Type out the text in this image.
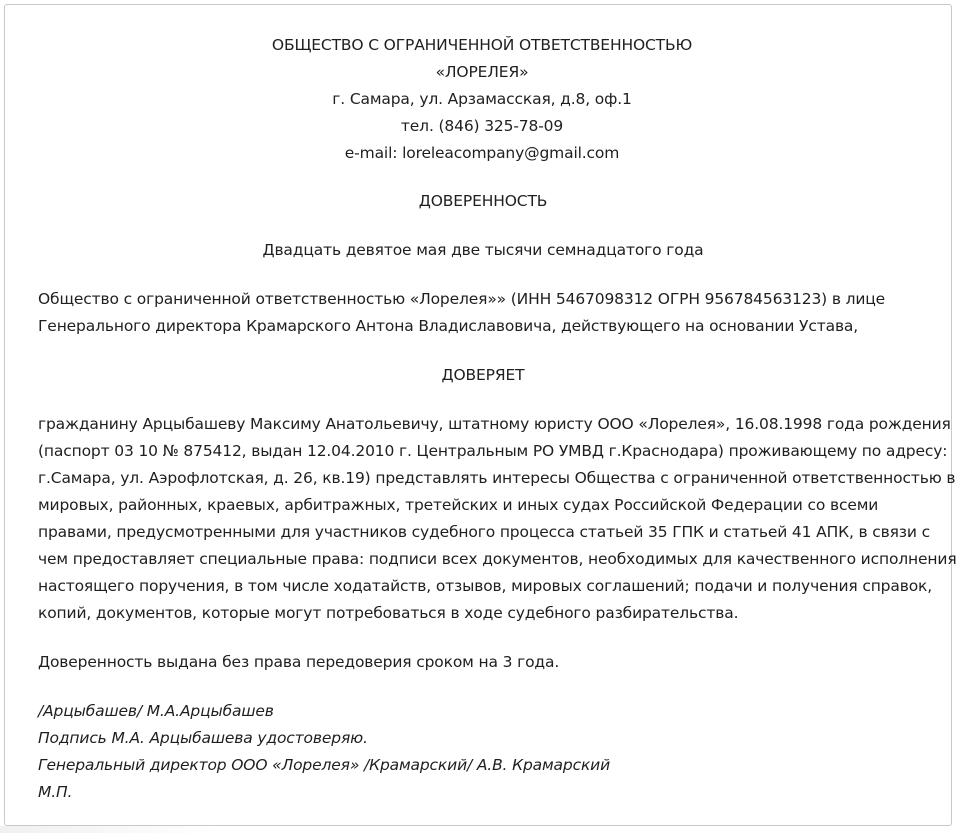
ОБЩЕСТВО С ОГРАНИЧЕННОЙ ОТВЕТСТВЕННОСТЬЮ
«ЛОРЕЛЕЯ»
г. Самара, ул. Арзамасская, д.8, оф.1
тел. (846) 325-78-09
e-mail: loreleacompany@gmail.com
ДОВЕРЕННОСТЬ
Двадцать девятое мая две тысячи семнадцатого года
Общество с ограниченной ответственностью «Лорелея»» (ИНН 5467098312 ОГРН 956784563123) в лице
Генерального директора Крамарского Антона Владиславовича, действующего на основании Устава,
ДОВЕРЯЕТ
гражданину Арцыбашеву Максиму Анатольевичу, штатному юристу ООО «Лорелея», 16.08.1998 года рождения
(паспорт 03 10 № 875412, выдан 12.04.2010 г. Центральным РО УМВД г.Краснодара) проживающему по адресу:
г.Самара, ул. Аэрофлотская, д. 26, кв.19) представлять интересы Общества с ограниченной ответственностью в
мировых, районных, краевых, арбитражных, третейских и иных судах Российской Федерации со всеми
правами, предусмотренными для участников судебного процесса статьей 35 ГПК и статьей 41 АПК, в связи с
чем предоставляет специальные права: подписи всех документов, необходимых для качественного исполнения
настоящего поручения, в том числе ходатайств, отзывов, мировых соглашений; подачи и получения справок,
копий, документов, которые могут потребоваться в ходе судебного разбирательства.
Доверенность выдана без права передоверия сроком на 3 года.
/Арцыбашев/ М.А.Арцыбашев
Подпись М.А. Арцыбашева удостоверяю.
Генеральный директор ООО «Лорелея» /Крамарский/ А.В. Крамарский
М.П.
